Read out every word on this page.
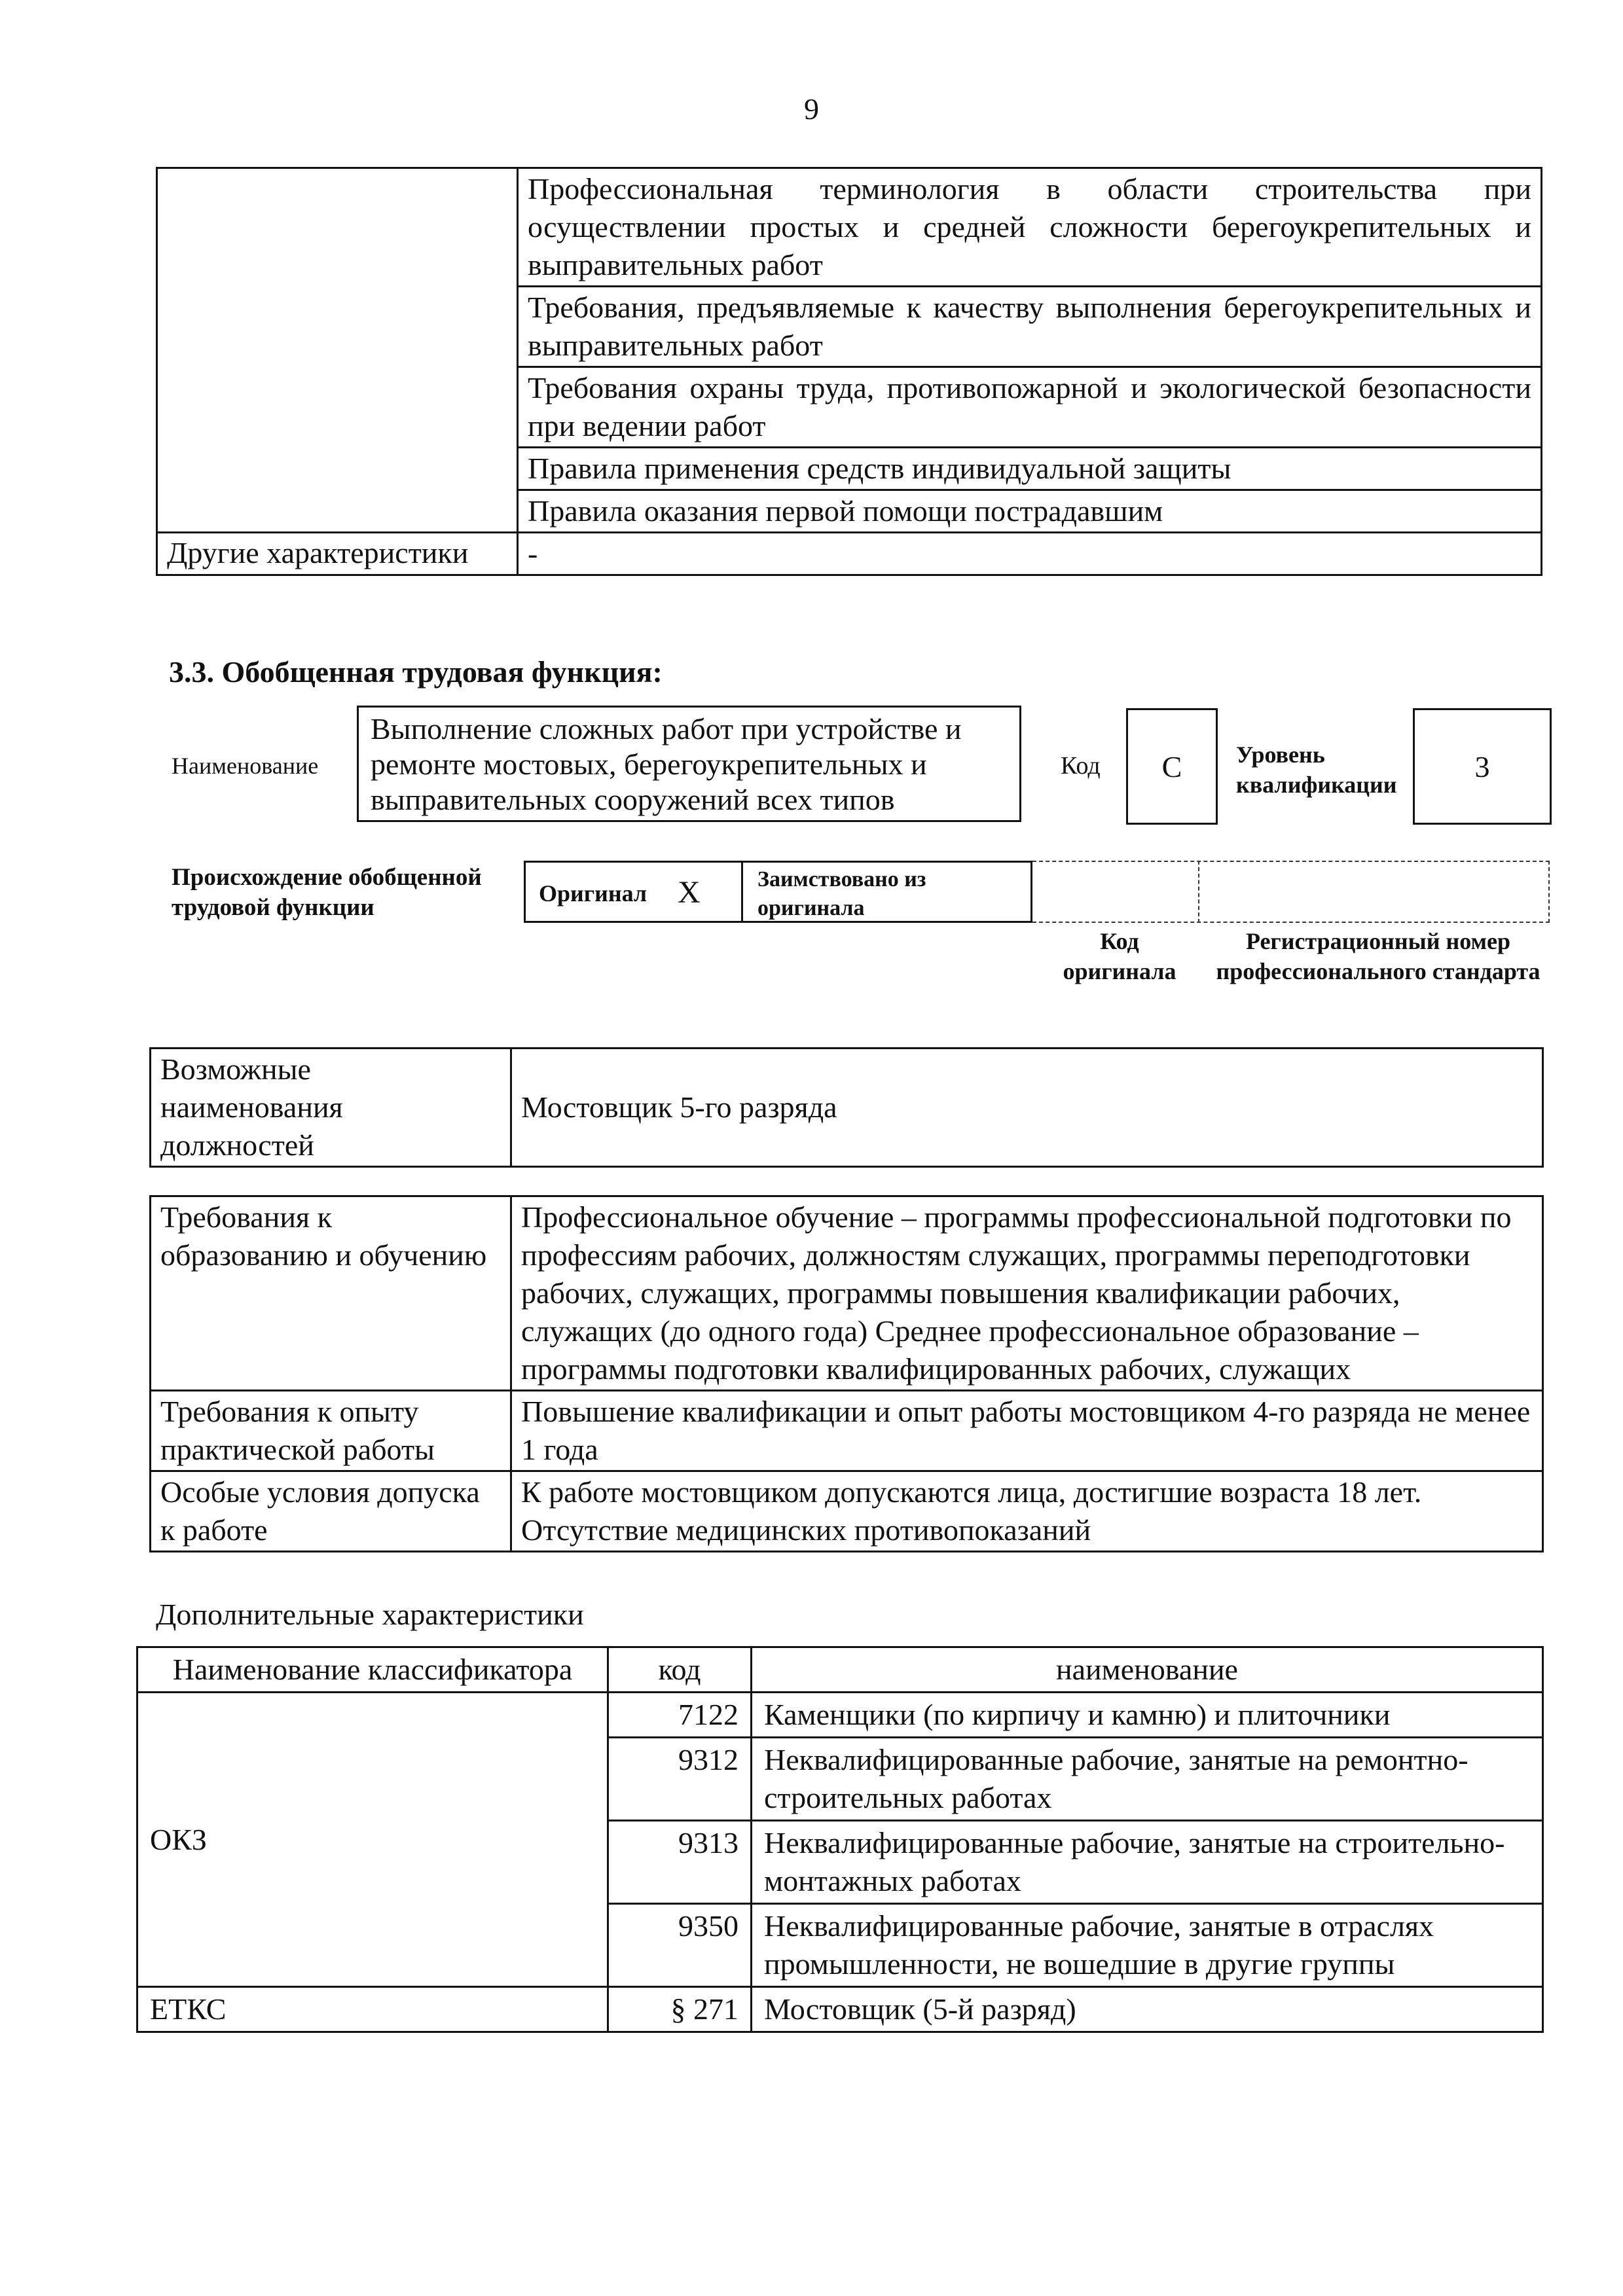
9
	Профессиональная терминология в области строительства при осуществлении простых и средней сложности берегоукрепительных и выправительных работ
	Требования, предъявляемые к качеству выполнения берегоукрепительных и выправительных работ
	Требования охраны труда, противопожарной и экологической безопасности при ведении работ
	Правила применения средств индивидуальной защиты
	Правила оказания первой помощи пострадавшим
Другие характеристики	-
3.3. Обобщенная трудовая функция:
Наименование
Выполнение сложных работ при устройстве и ремонте мостовых, берегоукрепительных и выправительных сооружений всех типов
Код С Уровень квалификации
3
Происхождение обобщенной трудовой функции
Оригинал X	Заимствовано из оригинала
Код оригинала
Регистрационный номер профессионального стандарта
Возможные наименования должностей	Мостовщик 5-го разряда
Требования к образованию и обучению	Профессиональное обучение – программы профессиональной подготовки по профессиям рабочих, должностям служащих, программы переподготовки рабочих, служащих, программы повышения квалификации рабочих, служащих (до одного года) Среднее профессиональное образование – программы подготовки квалифицированных рабочих, служащих
Требования к опыту практической работы	Повышение квалификации и опыт работы мостовщиком 4-го разряда не менее 1 года
Особые условия допуска к работе	К работе мостовщиком допускаются лица, достигшие возраста 18 лет. Отсутствие медицинских противопоказаний
Дополнительные характеристики
Наименование классификатора	код	наименование
ОКЗ	7122	Каменщики (по кирпичу и камню) и плиточники
	9312	Неквалифицированные рабочие, занятые на ремонтно-строительных работах
	9313	Неквалифицированные рабочие, занятые на строительно-монтажных работах
	9350	Неквалифицированные рабочие, занятые в отраслях промышленности, не вошедшие в другие группы
ЕТКС	§ 271	Мостовщик (5-й разряд)
